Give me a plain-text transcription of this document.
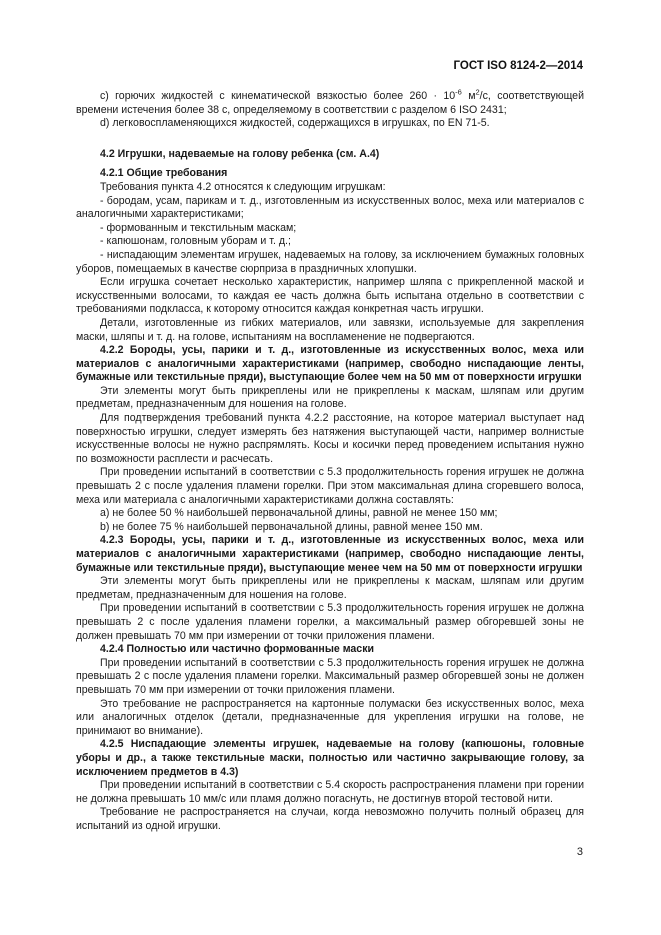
ГОСТ ISO 8124-2—2014

c) горючих жидкостей с кинематической вязкостью более $260 \cdot 10^{-6}$ $м^2/с$, соответствующей времени истечения более 38 с, определяемому в соответствии с разделом 6 ISO 2431;

d) легковоспламеняющихся жидкостей, содержащихся в игрушках, по EN 71-5.

4.2 Игрушки, надеваемые на голову ребенка (см. А.4)

4.2.1 Общие требования

Требования пункта 4.2 относятся к следующим игрушкам:

- бородам, усам, парикам и т. д., изготовленным из искусственных волос, меха или материалов с аналогичными характеристиками;

- формованным и текстильным маскам;

- капюшонам, головным уборам и т. д.;

- ниспадающим элементам игрушек, надеваемых на голову, за исключением бумажных головных уборов, помещаемых в качестве сюрприза в праздничных хлопушки.

Если игрушка сочетает несколько характеристик, например шляпа с прикрепленной маской и искусственными волосами, то каждая ее часть должна быть испытана отдельно в соответствии с требованиями подкласса, к которому относится каждая конкретная часть игрушки.

Детали, изготовленные из гибких материалов, или завязки, используемые для закрепления маски, шляпы и т. д. на голове, испытаниям на воспламенение не подвергаются.

4.2.2 Бороды, усы, парики и т. д., изготовленные из искусственных волос, меха или материалов с аналогичными характеристиками (например, свободно ниспадающие ленты, бумажные или текстильные пряди), выступающие более чем на 50 мм от поверхности игрушки

Эти элементы могут быть прикреплены или не прикреплены к маскам, шляпам или другим предметам, предназначенным для ношения на голове.

Для подтверждения требований пункта 4.2.2 расстояние, на которое материал выступает над поверхностью игрушки, следует измерять без натяжения выступающей части, например волнистые искусственные волосы не нужно распрямлять. Косы и косички перед проведением испытания нужно по возможности расплести и расчесать.

При проведении испытаний в соответствии с 5.3 продолжительность горения игрушек не должна превышать 2 с после удаления пламени горелки. При этом максимальная длина сгоревшего волоса, меха или материала с аналогичными характеристиками должна составлять:

а) не более 50 % наибольшей первоначальной длины, равной не менее 150 мм;

b) не более 75 % наибольшей первоначальной длины, равной менее 150 мм.

4.2.3 Бороды, усы, парики и т. д., изготовленные из искусственных волос, меха или материалов с аналогичными характеристиками (например, свободно ниспадающие ленты, бумажные или текстильные пряди), выступающие менее чем на 50 мм от поверхности игрушки

Эти элементы могут быть прикреплены или не прикреплены к маскам, шляпам или другим предметам, предназначенным для ношения на голове.

При проведении испытаний в соответствии с 5.3 продолжительность горения игрушек не должна превышать 2 с после удаления пламени горелки, а максимальный размер обгоревшей зоны не должен превышать 70 мм при измерении от точки приложения пламени.

4.2.4 Полностью или частично формованные маски

При проведении испытаний в соответствии с 5.3 продолжительность горения игрушек не должна превышать 2 с после удаления пламени горелки. Максимальный размер обгоревшей зоны не должен превышать 70 мм при измерении от точки приложения пламени.

Это требование не распространяется на картонные полумаски без искусственных волос, меха или аналогичных отделок (детали, предназначенные для укрепления игрушки на голове, не принимают во внимание).

4.2.5 Ниспадающие элементы игрушек, надеваемые на голову (капюшоны, головные уборы и др., а также текстильные маски, полностью или частично закрывающие голову, за исключением предметов в 4.3)

При проведении испытаний в соответствии с 5.4 скорость распространения пламени при горении не должна превышать 10 мм/с или пламя должно погаснуть, не достигнув второй тестовой нити.

Требование не распространяется на случаи, когда невозможно получить полный образец для испытаний из одной игрушки.

3
